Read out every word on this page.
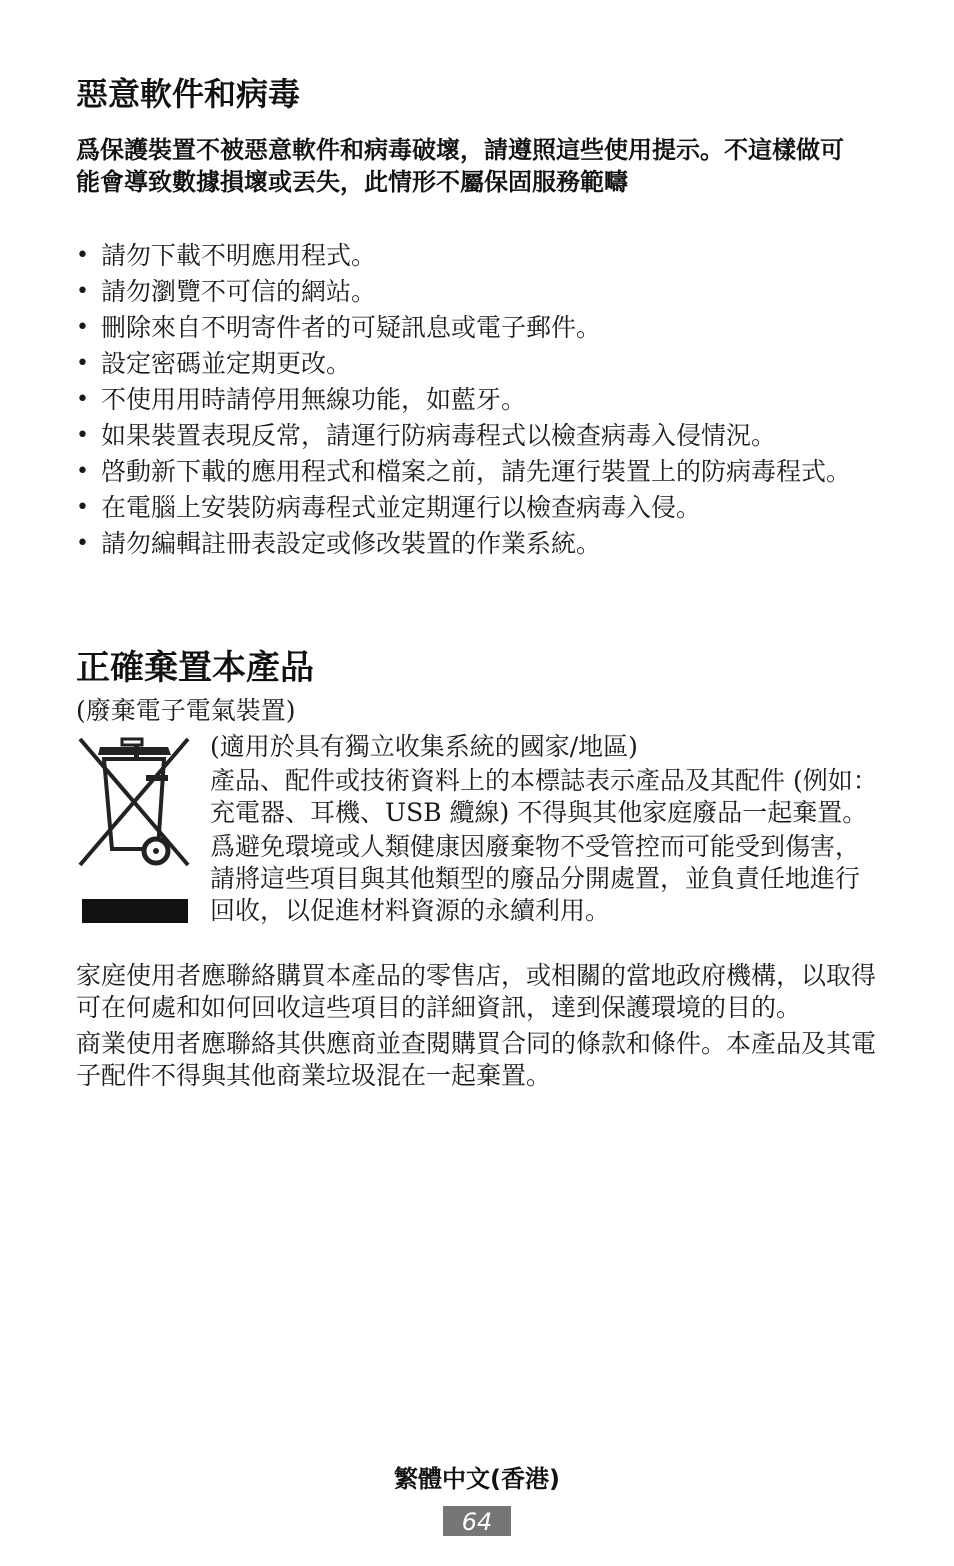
惡意軟件和病毒

爲保護裝置不被惡意軟件和病毒破壞，請遵照這些使用提示。不這樣做可能會導致數據損壞或丟失，此情形不屬保固服務範疇

• 請勿下載不明應用程式。
• 請勿瀏覽不可信的網站。
• 刪除來自不明寄件者的可疑訊息或電子郵件。
• 設定密碼並定期更改。
• 不使用用時請停用無線功能，如藍牙。
• 如果裝置表現反常，請運行防病毒程式以檢查病毒入侵情況。
• 啓動新下載的應用程式和檔案之前，請先運行裝置上的防病毒程式。
• 在電腦上安裝防病毒程式並定期運行以檢查病毒入侵。
• 請勿編輯註冊表設定或修改裝置的作業系統。
正確棄置本產品

(廢棄電子電氣裝置)

(適用於具有獨立收集系統的國家/地區)

產品、配件或技術資料上的本標誌表示產品及其配件 (例如：充電器、耳機、USB 纜線) 不得與其他家庭廢品一起棄置。

爲避免環境或人類健康因廢棄物不受管控而可能受到傷害，請將這些項目與其他類型的廢品分開處置，並負責任地進行回收，以促進材料資源的永續利用。

家庭使用者應聯絡購買本產品的零售店，或相關的當地政府機構，以取得可在何處和如何回收這些項目的詳細資訊，達到保護環境的目的。

商業使用者應聯絡其供應商並查閱購買合同的條款和條件。本產品及其電子配件不得與其他商業垃圾混在一起棄置。

繁體中文(香港)
64
